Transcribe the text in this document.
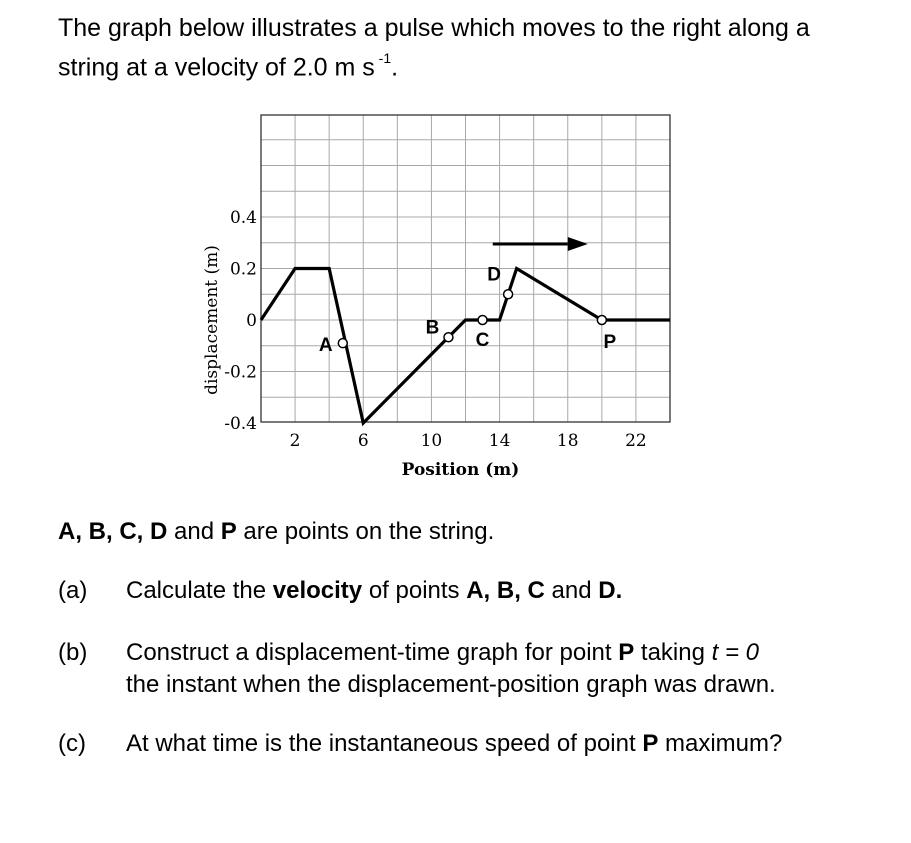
The graph below illustrates a pulse which moves to the right along a
string at a velocity of 2.0 m s $^{-1}$.
2	6	10	14	18	22
0.4
0.2
0
-0.2
-0.4
Position (m)
displacement (m)	A
B
C
D
P
A, B, C, D and P are points on the string.
(a) Calculate the velocity of points A, B, C and D.
(b) Construct a displacement-time graph for point P taking t = 0
the instant when the displacement-position graph was drawn.
(c) At what time is the instantaneous speed of point P maximum?
